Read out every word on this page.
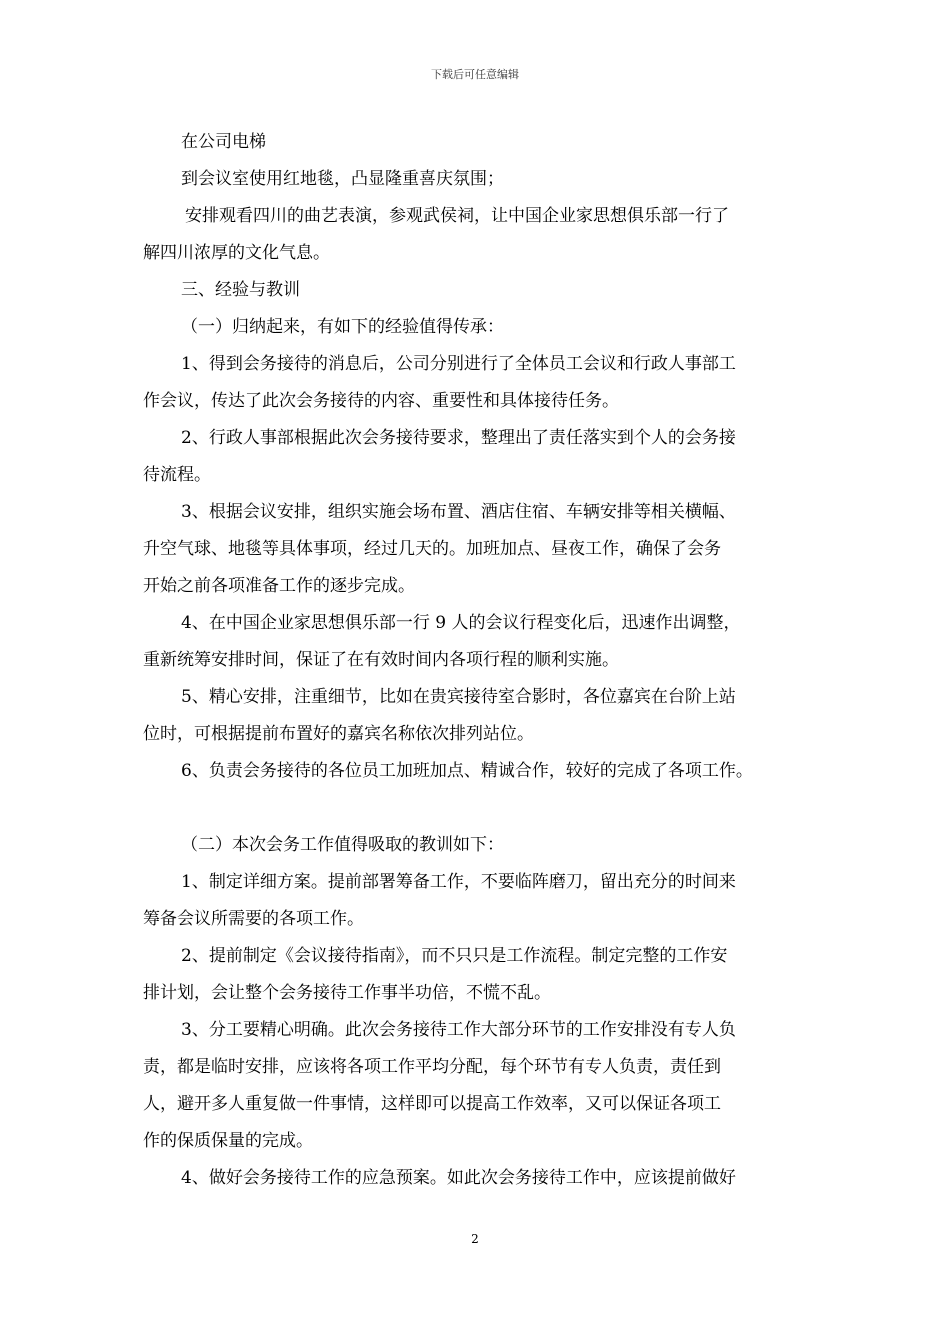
下载后可任意编辑
在公司电梯
到会议室使用红地毯，凸显隆重喜庆氛围；
安排观看四川的曲艺表演，参观武侯祠，让中国企业家思想俱乐部一行了
解四川浓厚的文化气息。
三、经验与教训
（一）归纳起来，有如下的经验值得传承：
1、得到会务接待的消息后，公司分别进行了全体员工会议和行政人事部工
作会议，传达了此次会务接待的内容、重要性和具体接待任务。
2、行政人事部根据此次会务接待要求，整理出了责任落实到个人的会务接
待流程。
3、根据会议安排，组织实施会场布置、酒店住宿、车辆安排等相关横幅、
升空气球、地毯等具体事项，经过几天的。加班加点、昼夜工作，确保了会务
开始之前各项准备工作的逐步完成。
4、在中国企业家思想俱乐部一行 9 人的会议行程变化后，迅速作出调整，
重新统筹安排时间，保证了在有效时间内各项行程的顺利实施。
5、精心安排，注重细节，比如在贵宾接待室合影时，各位嘉宾在台阶上站
位时，可根据提前布置好的嘉宾名称依次排列站位。
6、负责会务接待的各位员工加班加点、精诚合作，较好的完成了各项工作。
（二）本次会务工作值得吸取的教训如下：
1、制定详细方案。提前部署筹备工作，不要临阵磨刀，留出充分的时间来
筹备会议所需要的各项工作。
2、提前制定《会议接待指南》，而不只只是工作流程。制定完整的工作安
排计划，会让整个会务接待工作事半功倍，不慌不乱。
3、分工要精心明确。此次会务接待工作大部分环节的工作安排没有专人负
责，都是临时安排，应该将各项工作平均分配，每个环节有专人负责，责任到
人，避开多人重复做一件事情，这样即可以提高工作效率，又可以保证各项工
作的保质保量的完成。
4、做好会务接待工作的应急预案。如此次会务接待工作中，应该提前做好
2
